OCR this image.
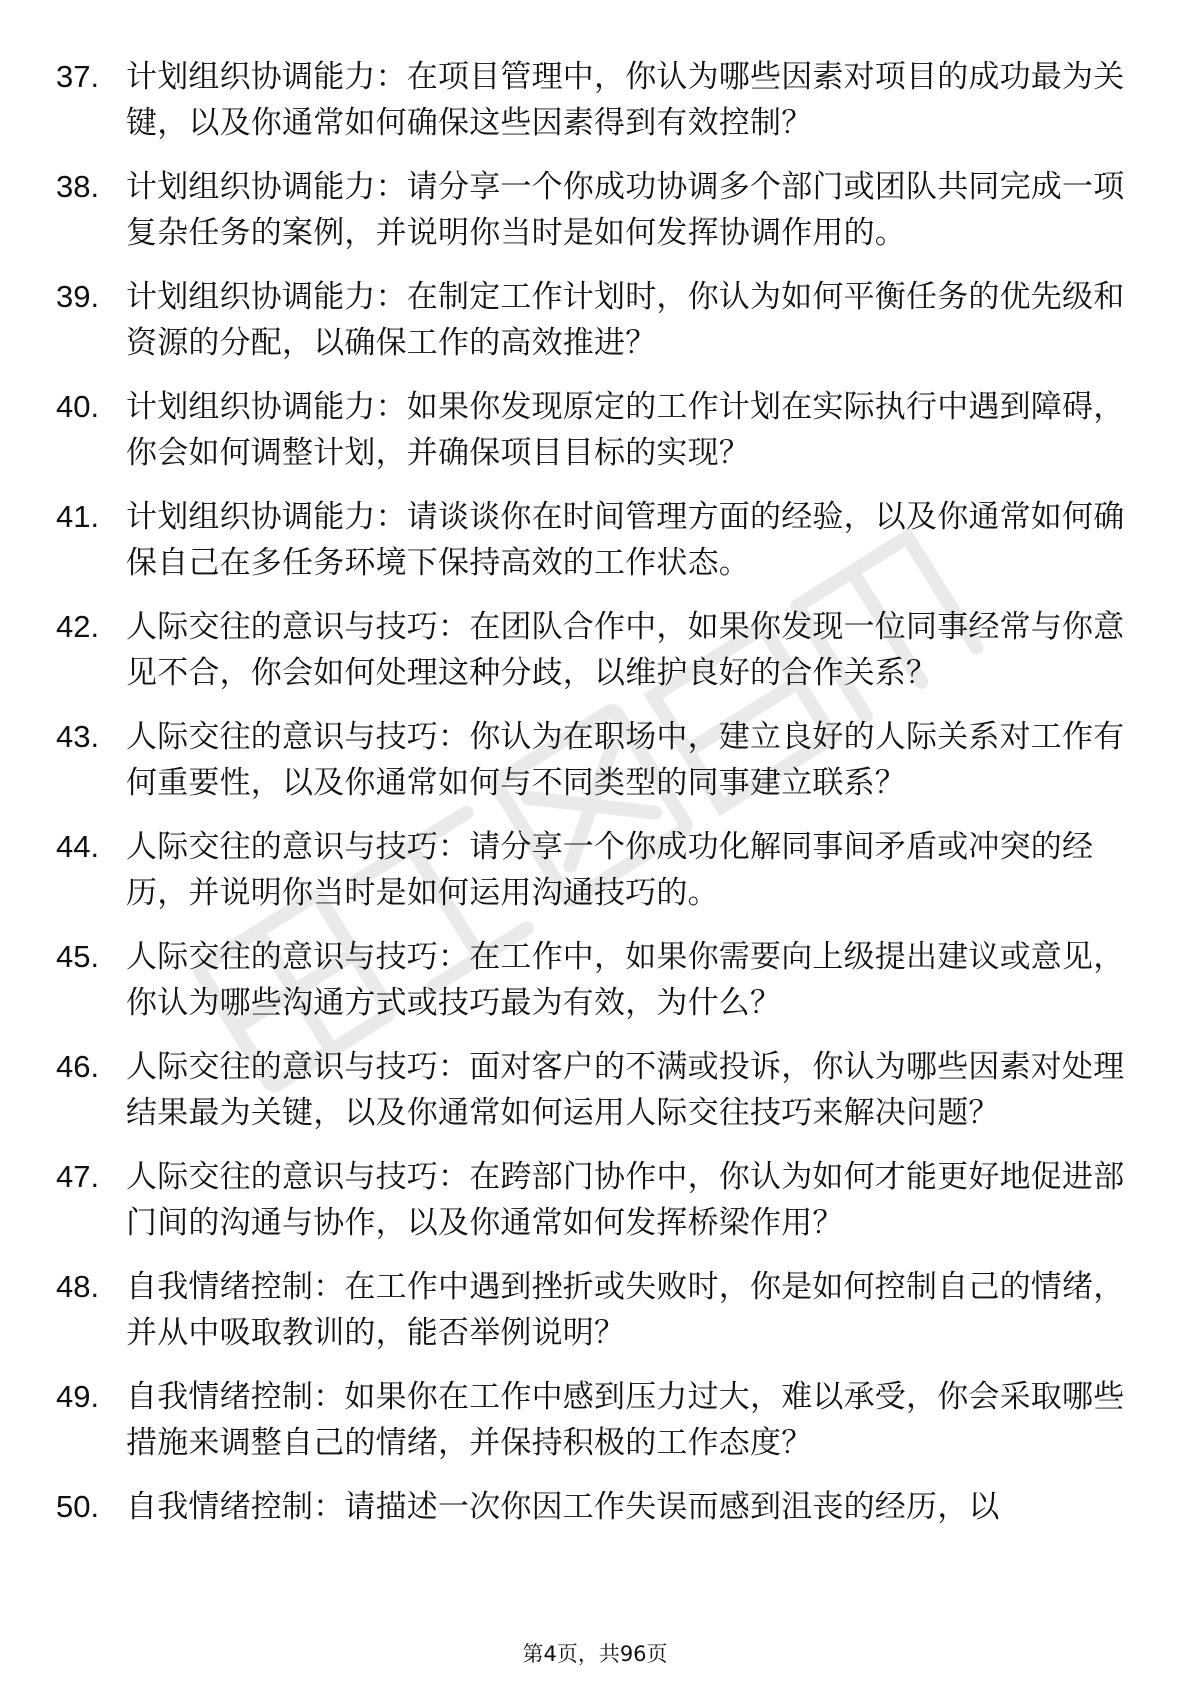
37. 计划组织协调能力：在项目管理中，你认为哪些因素对项目的成功最为关键，以及你通常如何确保这些因素得到有效控制？
38. 计划组织协调能力：请分享一个你成功协调多个部门或团队共同完成一项复杂任务的案例，并说明你当时是如何发挥协调作用的。
39. 计划组织协调能力：在制定工作计划时，你认为如何平衡任务的优先级和资源的分配，以确保工作的高效推进？
40. 计划组织协调能力：如果你发现原定的工作计划在实际执行中遇到障碍，你会如何调整计划，并确保项目目标的实现？
41. 计划组织协调能力：请谈谈你在时间管理方面的经验，以及你通常如何确保自己在多任务环境下保持高效的工作状态。
42. 人际交往的意识与技巧：在团队合作中，如果你发现一位同事经常与你意见不合，你会如何处理这种分歧，以维护良好的合作关系？
43. 人际交往的意识与技巧：你认为在职场中，建立良好的人际关系对工作有何重要性，以及你通常如何与不同类型的同事建立联系？
44. 人际交往的意识与技巧：请分享一个你成功化解同事间矛盾或冲突的经历，并说明你当时是如何运用沟通技巧的。
45. 人际交往的意识与技巧：在工作中，如果你需要向上级提出建议或意见，你认为哪些沟通方式或技巧最为有效，为什么？
46. 人际交往的意识与技巧：面对客户的不满或投诉，你认为哪些因素对处理结果最为关键，以及你通常如何运用人际交往技巧来解决问题？
47. 人际交往的意识与技巧：在跨部门协作中，你认为如何才能更好地促进部门间的沟通与协作，以及你通常如何发挥桥梁作用？
48. 自我情绪控制：在工作中遇到挫折或失败时，你是如何控制自己的情绪，并从中吸取教训的，能否举例说明？
49. 自我情绪控制：如果你在工作中感到压力过大，难以承受，你会采取哪些措施来调整自己的情绪，并保持积极的工作态度？
50. 自我情绪控制：请描述一次你因工作失误而感到沮丧的经历，以
第4页，共96页
